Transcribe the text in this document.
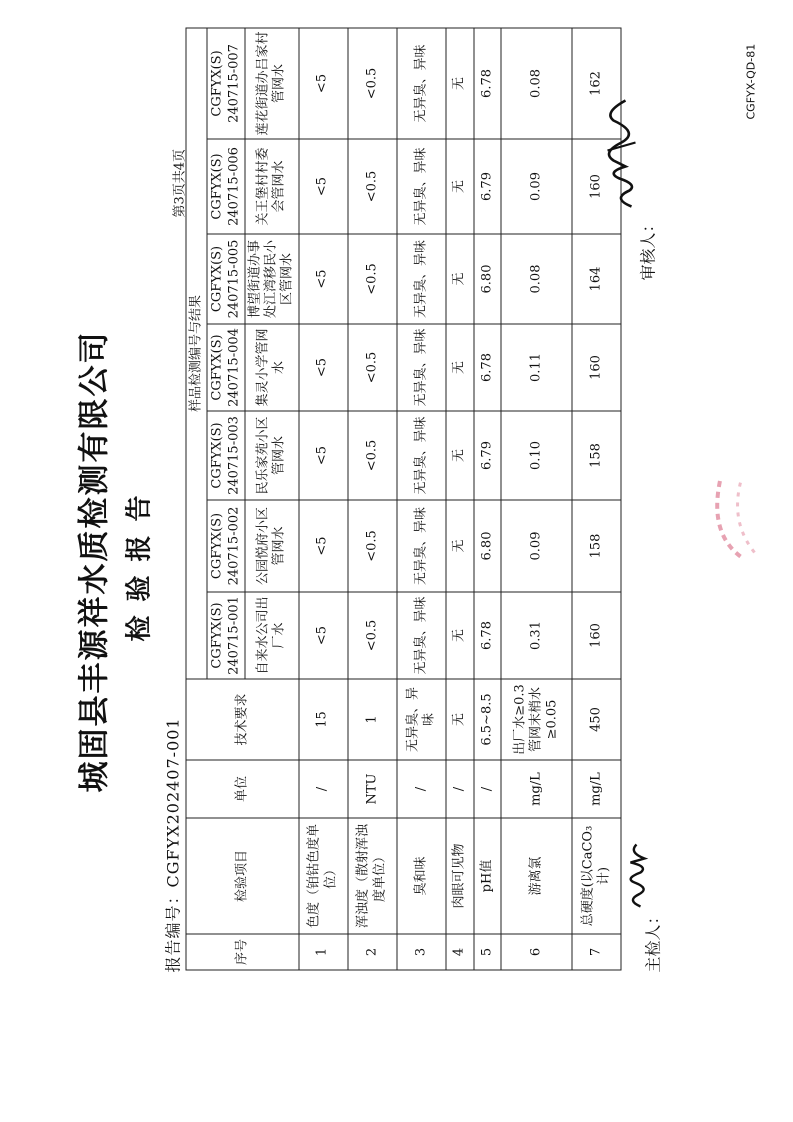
城固县丰源祥水质检测有限公司 检验报告
报告编号：CGFYX202407-001
第3页共4页
序号	检验项目	单位	技术要求	样品检测编号与结果						
				CGFYX(S) 240715-001	CGFYX(S) 240715-002	CGFYX(S) 240715-003	CGFYX(S) 240715-004	CGFYX(S) 240715-005	CGFYX(S) 240715-006	CGFYX(S) 240715-007
				自来水公司出厂水	公园悦府小区管网水	民乐家苑小区管网水	集灵小学管网水	博望街道办事处江湾移民小区管网水	关王堡村村委会管网水	莲花街道办吕家村管网水
1	色度（铂钴色度单位）	/	15	<5	<5	<5	<5	<5	<5	<5
2	浑浊度（散射浑浊度单位）	NTU	1	<0.5	<0.5	<0.5	<0.5	<0.5	<0.5	<0.5
3	臭和味	/	无异臭、异味	无异臭、异味	无异臭、异味	无异臭、异味	无异臭、异味	无异臭、异味	无异臭、异味	无异臭、异味
4	肉眼可见物	/	无	无	无	无	无	无	无	无
5	pH值	/	6.5~8.5	6.78	6.80	6.79	6.78	6.80	6.79	6.78
6	游离氯	mg/L	出厂水≥0.3 管网末梢水≥0.05	0.31	0.09	0.10	0.11	0.08	0.09	0.08
7	总硬度(以CaCO₃计)	mg/L	450	160	158	158	160	164	160	162
主检人：
审核人：
CGFYX-QD-81
